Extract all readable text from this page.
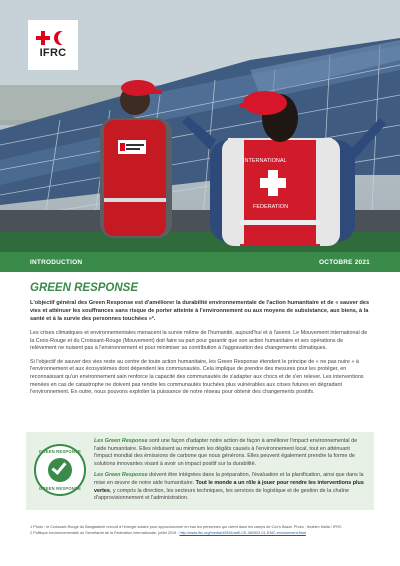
INTERNATIONAL
FEDERATION
IFRC
INTRODUCTION	OCTOBRE 2021
GREEN RESPONSE

L'objectif général des Green Response est d'améliorer la durabilité environnementale de l'action humanitaire et de « sauver des vies et atténuer les souffrances sans risque de porter atteinte à l'environnement ou aux moyens de subsistance, aux biens, à la santé et à la survie des personnes touchées »².

Les crises climatiques et environnementales menacent la survie même de l'humanité, aujourd'hui et à l'avenir. Le Mouvement international de la Croix-Rouge et du Croissant-Rouge (Mouvement) doit faire sa part pour garantir que son action humanitaire et ses opérations de relèvement ne nuisent pas à l'environnement et pour minimiser sa contribution à l'aggravation des changements climatiques.

Si l'objectif de sauver des vies reste au centre de toute action humanitaire, les Green Response étendent le principe de « ne pas nuire » à l'environnement et aux écosystèmes dont dépendent les communautés. Cela implique de prendre des mesures pour les protéger, en reconnaissant qu'un environnement sain renforce la capacité des communautés de s'adapter aux chocs et de s'en relever. Les interventions menées en cas de catastrophe ne doivent pas rendre les communautés touchées plus vulnérables aux crises futures en dégradant l'environnement. En outre, nous pouvons exploiter la puissance de notre réseau pour obtenir des changements positifs.

GREEN RESPONSE
GREEN RESPONSE

Les Green Response sont une façon d'adapter notre action de façon à améliorer l'impact environnemental de l'aide humanitaire. Elles réduisent au minimum les dégâts causés à l'environnement local, tout en atténuant l'impact mondial des émissions de carbone que nous générons. Elles peuvent également prendre la forme de solutions innovantes visant à avoir un impact positif sur la durabilité.

Les Green Response doivent être intégrées dans la préparation, l'évaluation et la planification, ainsi que dans la mise en œuvre de notre aide humanitaire. Tout le monde a un rôle à jouer pour rendre les interventions plus vertes, y compris la direction, les secteurs techniques, les services de logistique et de gestion de la chaîne d'approvisionnement et l'administration.

1 Photo : le Croissant-Rouge du Bangladesh recourt à l'énergie solaire pour approvisionner en eau les personnes qui vivent dans les camps de Cox's Bazar. Photo : Ibrahim Malla / IFRC

2 Politique environnementale du Secrétariat de la Fédération internationale, juillet 2019 : http://www.ifrc.org/media/49394/adfl-CE-360902-01-EMC-environment-final
